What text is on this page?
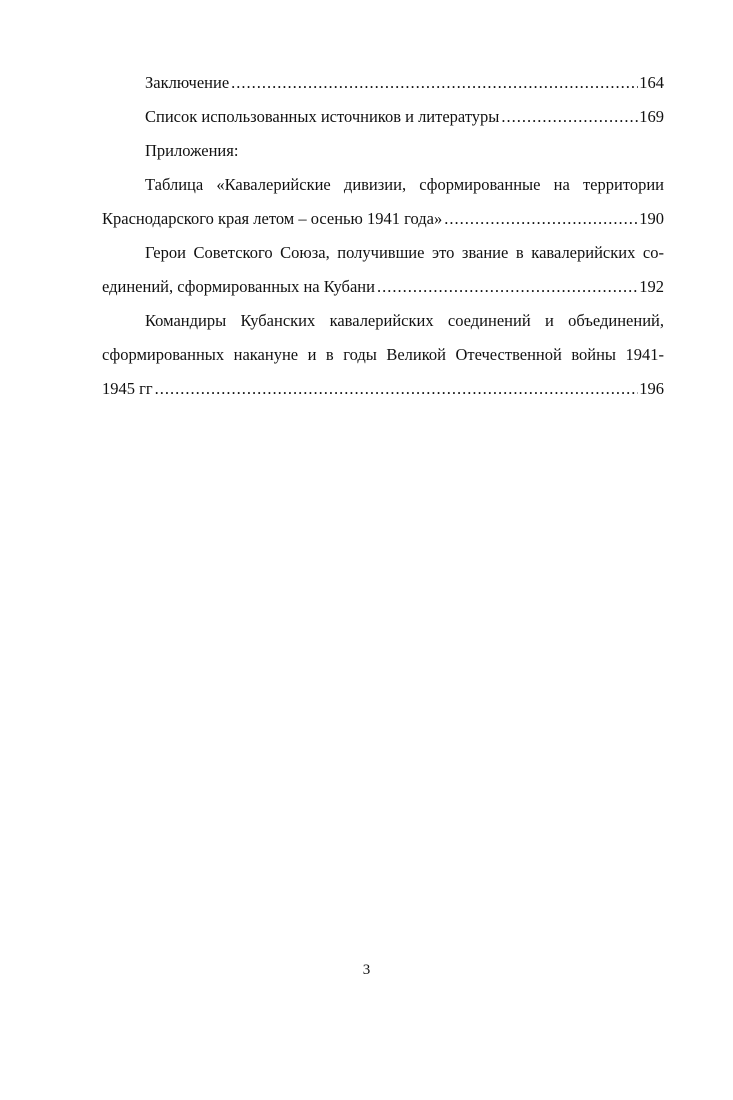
Заключение .....	164
Список использованных источников и литературы .....	169
Приложения:
Таблица «Кавалерийские дивизии, сформированные на территории
Краснодарского края летом – осенью 1941 года» .....	190
Герои Советского Союза, получившие это звание в кавалерийских со-
единений, сформированных на Кубани .....	192
Командиры Кубанских кавалерийских соединений и объединений,
сформированных накануне и в годы Великой Отечественной войны 1941-
1945 гг .....	196
3
